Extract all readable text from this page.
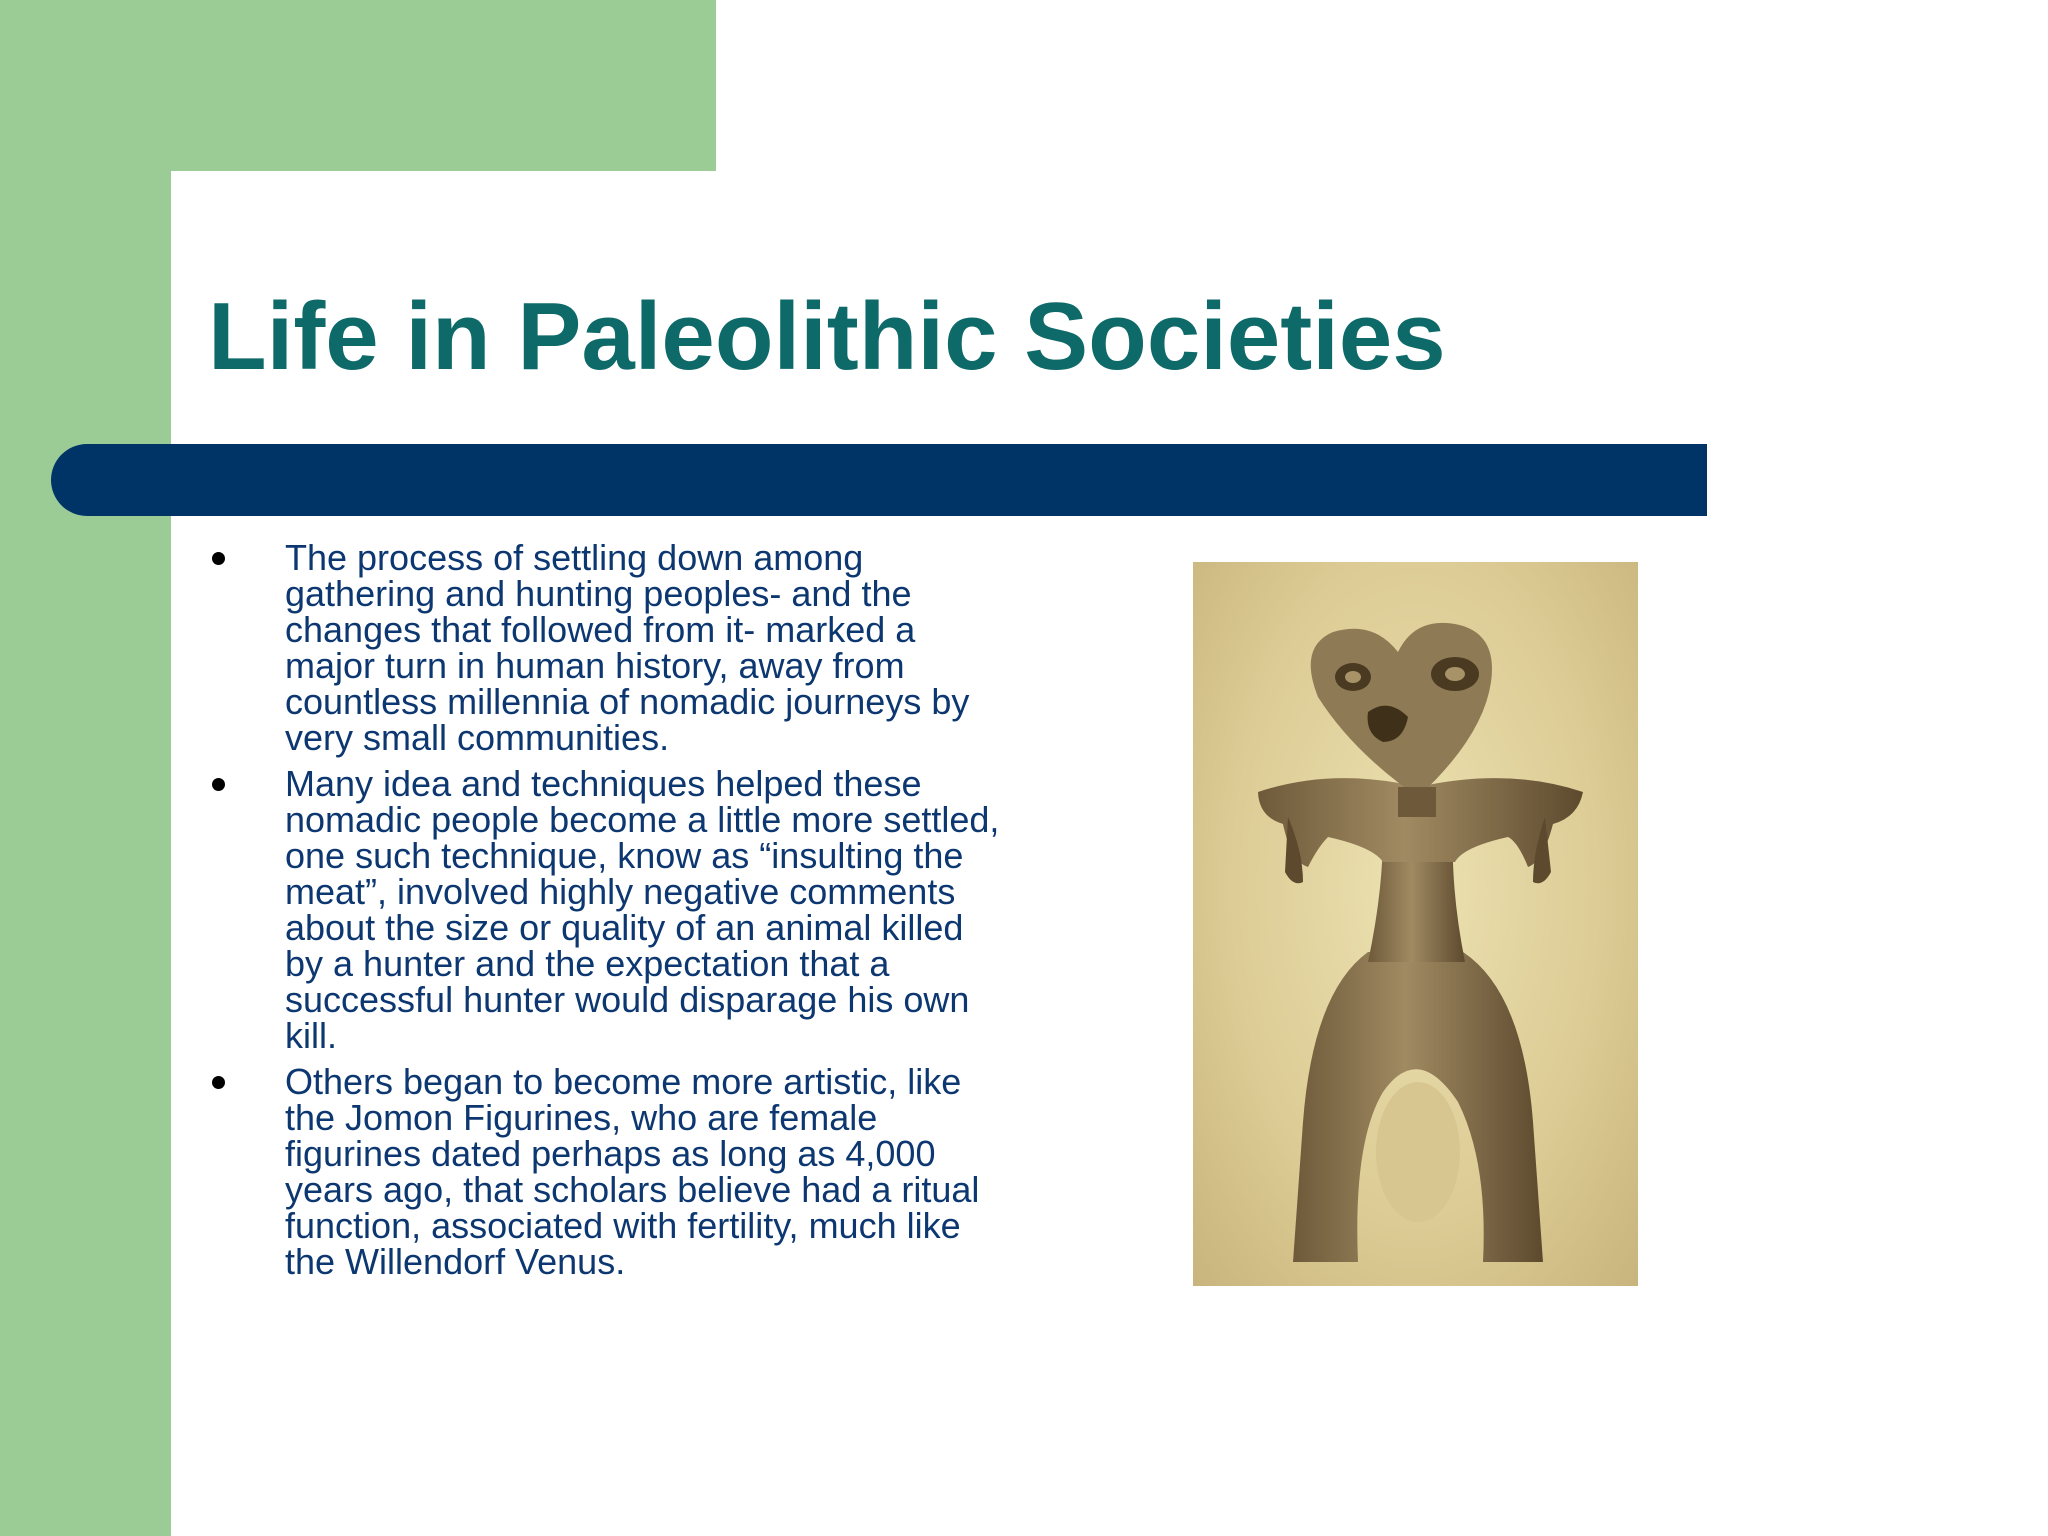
Life in Paleolithic Societies
The process of settling down among gathering and hunting peoples- and the changes that followed from it- marked a major turn in human history, away from countless millennia of nomadic journeys by very small communities.
Many idea and techniques helped these nomadic people become a little more settled, one such technique, know as “insulting the meat”, involved highly negative comments about the size or quality of an animal killed by a hunter and the expectation that a successful hunter would disparage his own kill.
Others began to become more artistic, like the Jomon Figurines, who are female figurines dated perhaps as long as 4,000 years ago, that scholars believe had a ritual function, associated with fertility, much like the Willendorf Venus.
